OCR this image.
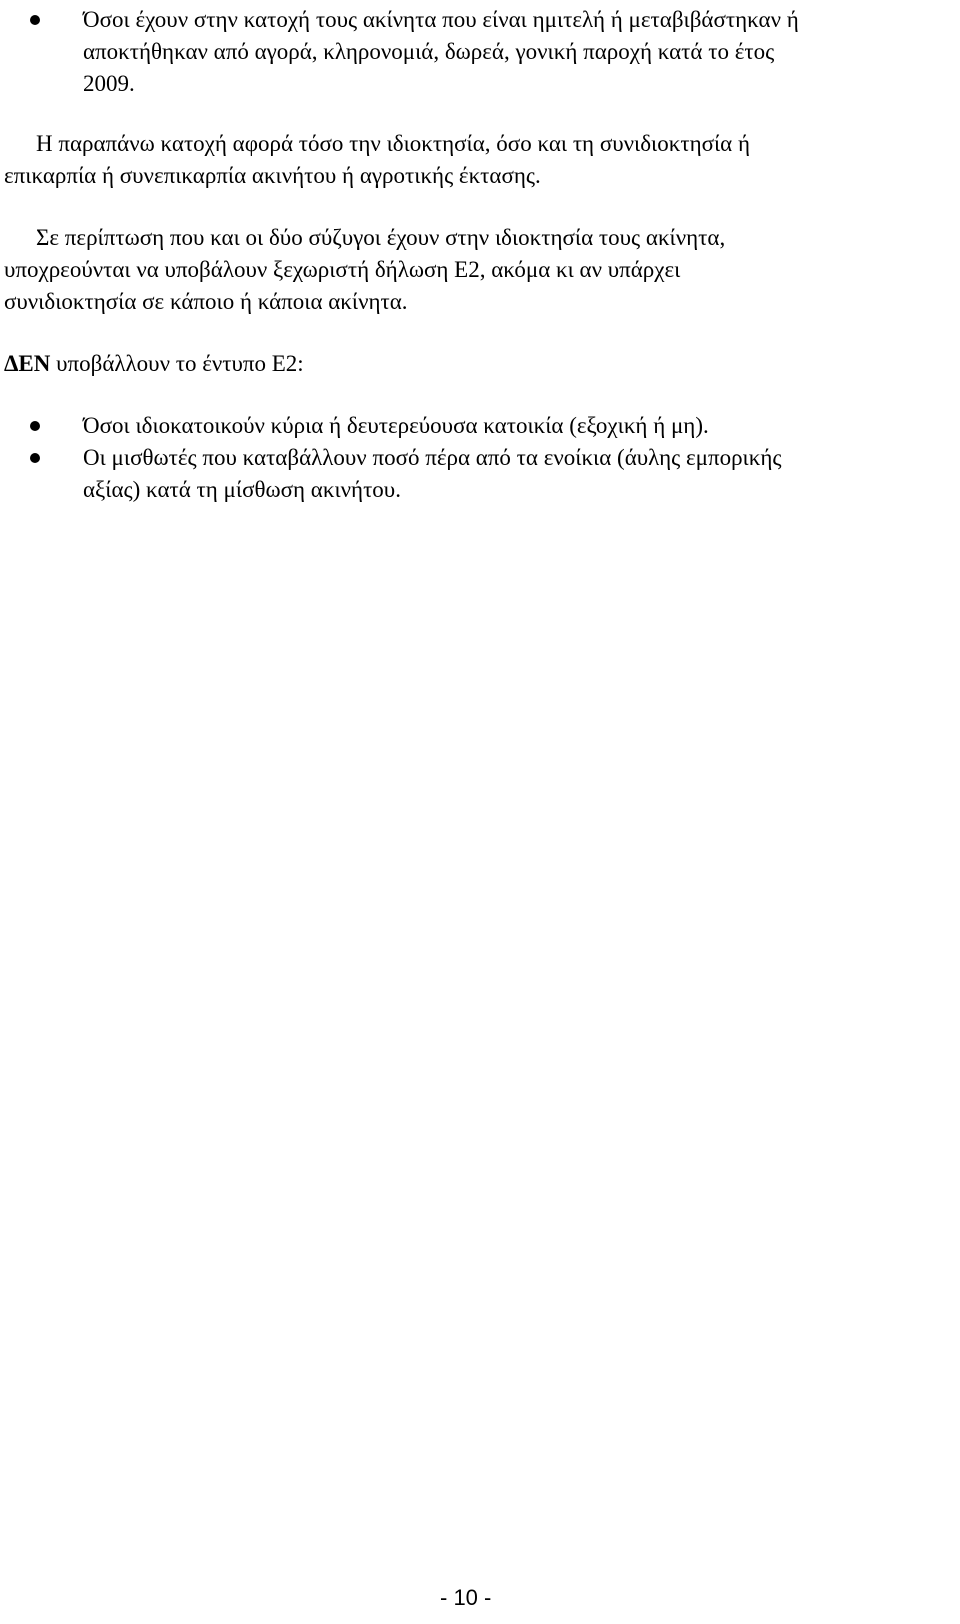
Όσοι έχουν στην κατοχή τους ακίνητα που είναι ημιτελή ή μεταβιβάστηκαν ή
αποκτήθηκαν από αγορά, κληρονομιά, δωρεά, γονική παροχή κατά το έτος
2009.
Η παραπάνω κατοχή αφορά τόσο την ιδιοκτησία, όσο και τη συνιδιοκτησία ή
επικαρπία ή συνεπικαρπία ακινήτου ή αγροτικής έκτασης.
Σε περίπτωση που και οι δύο σύζυγοι έχουν στην ιδιοκτησία τους ακίνητα,
υποχρεούνται να υποβάλουν ξεχωριστή δήλωση Ε2, ακόμα κι αν υπάρχει
συνιδιοκτησία σε κάποιο ή κάποια ακίνητα.
ΔΕΝ υποβάλλουν το έντυπο Ε2:
Όσοι ιδιοκατοικούν κύρια ή δευτερεύουσα κατοικία (εξοχική ή μη).
Οι μισθωτές που καταβάλλουν ποσό πέρα από τα ενοίκια (άυλης εμπορικής
αξίας) κατά τη μίσθωση ακινήτου.
- 10 -
